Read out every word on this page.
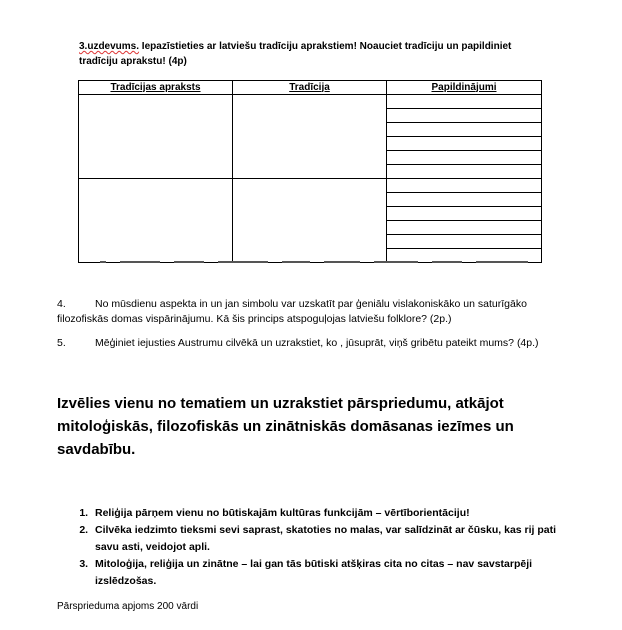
3.uzdevums. Iepazīstieties ar latviešu tradīciju aprakstiem! Noauciet tradīciju un papildiniet tradīciju aprakstu! (4p)
Tradīcijas apraksts	Tradīcija	Papildinājumi

4.	No mūsdienu aspekta in un jan simbolu var uzskatīt par ģeniālu vislakoniskāko un saturīgāko filozofiskās domas vispārinājumu. Kā šis princips atspoguļojas latviešu folklore? (2p.)
5.	Mēģiniet iejusties Austrumu cilvēkā un uzrakstiet, ko , jūsuprāt, viņš gribētu pateikt mums? (4p.)
Izvēlies vienu no tematiem un uzrakstiet pārspriedumu, atkājot mitoloģiskās, filozofiskās un zinātniskās domāsanas iezīmes un savdabību.
1. Reliģija pārņem vienu no būtiskajām kultūras funkcijām – vērtīborientāciju!
2. Cilvēka iedzimto tieksmi sevi saprast, skatoties no malas, var salīdzināt ar čūsku, kas rij pati savu asti, veidojot apli.
3. Mitoloģija, reliģija un zinātne – lai gan tās būtiski atšķiras cita no citas – nav savstarpēji izslēdzošas.
Pārsprieduma apjoms 200 vārdi
